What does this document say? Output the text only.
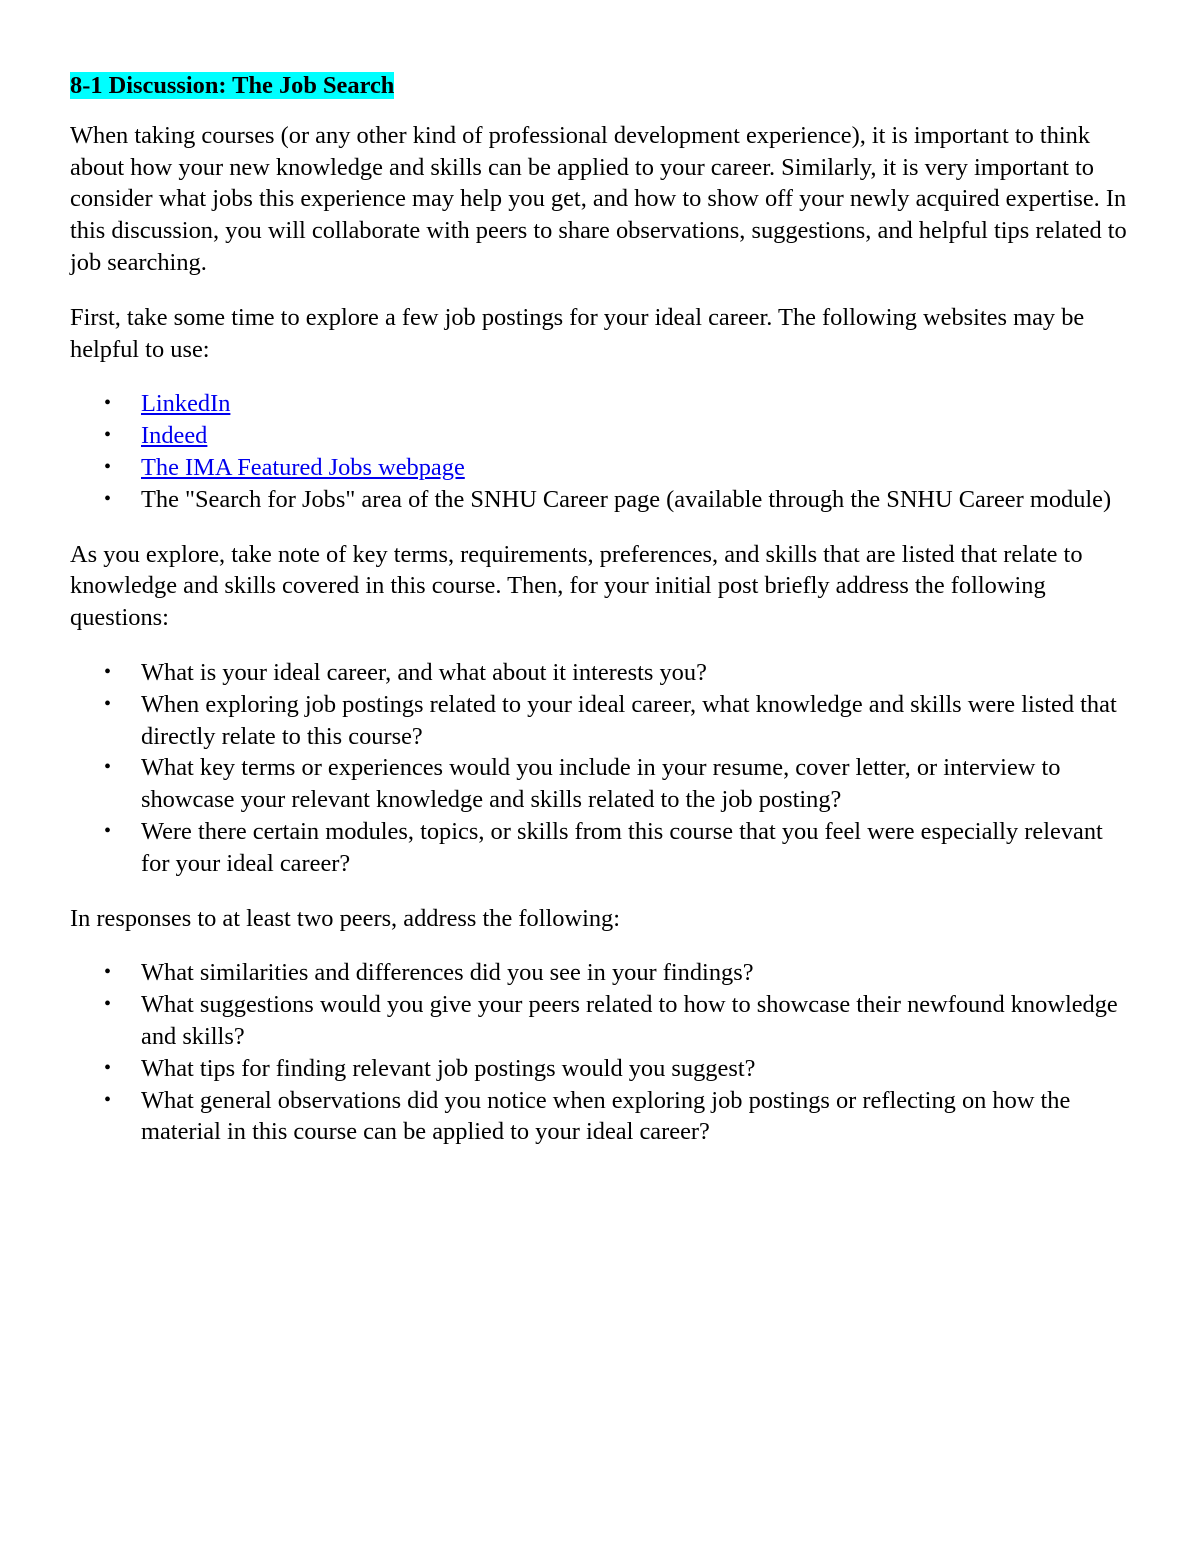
8-1 Discussion: The Job Search

When taking courses (or any other kind of professional development experience), it is important to think about how your new knowledge and skills can be applied to your career. Similarly, it is very important to consider what jobs this experience may help you get, and how to show off your newly acquired expertise. In this discussion, you will collaborate with peers to share observations, suggestions, and helpful tips related to job searching.

First, take some time to explore a few job postings for your ideal career. The following websites may be helpful to use:

• LinkedIn
• Indeed
• The IMA Featured Jobs webpage
• The "Search for Jobs" area of the SNHU Career page (available through the SNHU Career module)

As you explore, take note of key terms, requirements, preferences, and skills that are listed that relate to knowledge and skills covered in this course. Then, for your initial post briefly address the following questions:

• What is your ideal career, and what about it interests you?
• When exploring job postings related to your ideal career, what knowledge and skills were listed that directly relate to this course?
• What key terms or experiences would you include in your resume, cover letter, or interview to showcase your relevant knowledge and skills related to the job posting?
• Were there certain modules, topics, or skills from this course that you feel were especially relevant for your ideal career?

In responses to at least two peers, address the following:

• What similarities and differences did you see in your findings?
• What suggestions would you give your peers related to how to showcase their newfound knowledge and skills?
• What tips for finding relevant job postings would you suggest?
• What general observations did you notice when exploring job postings or reflecting on how the material in this course can be applied to your ideal career?
